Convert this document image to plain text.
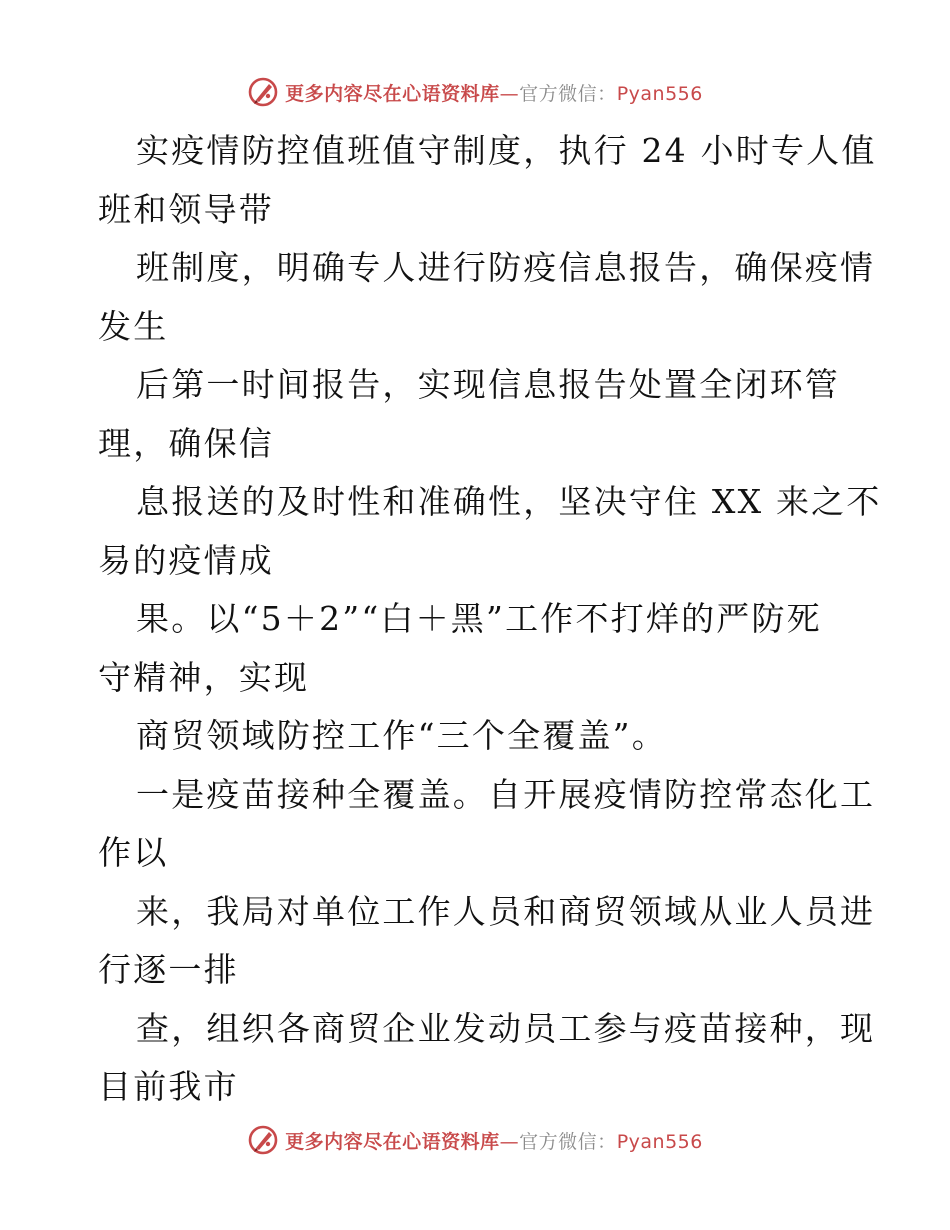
更多内容尽在心语资料库—官方微信：Pyan556
实疫情防控值班值守制度，执行 24 小时专人值
班和领导带
班制度，明确专人进行防疫信息报告，确保疫情
发生
后第一时间报告，实现信息报告处置全闭环管
理，确保信
息报送的及时性和准确性，坚决守住 XX 来之不
易的疫情成
果。以“5＋2”“白＋黑”工作不打烊的严防死
守精神，实现
商贸领域防控工作“三个全覆盖”。
一是疫苗接种全覆盖。自开展疫情防控常态化工
作以
来，我局对单位工作人员和商贸领域从业人员进
行逐一排
查，组织各商贸企业发动员工参与疫苗接种，现
目前我市
更多内容尽在心语资料库—官方微信：Pyan556
